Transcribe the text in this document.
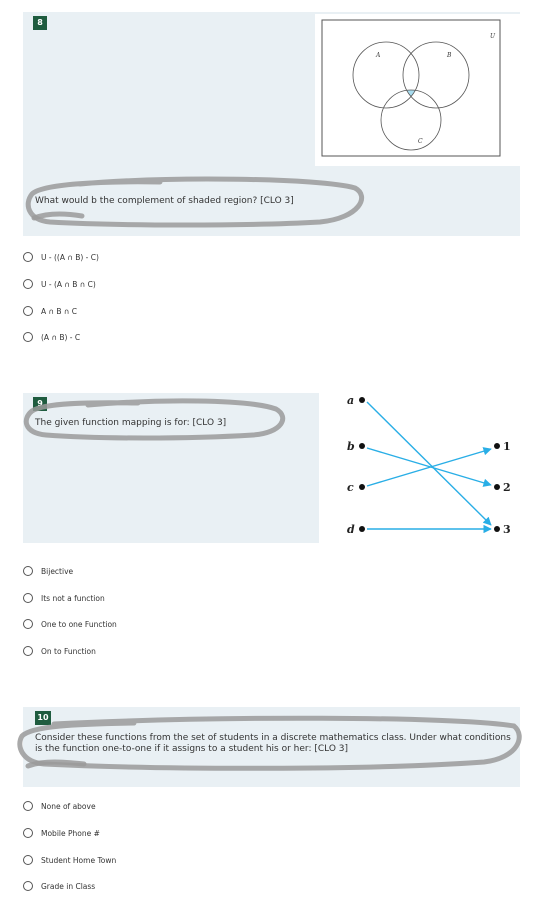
8
A	B
C
U
What would b the complement of shaded region? [CLO 3]
U - ((A ∩ B) - C)
U - (A ∩ B ∩ C)
A ∩ B ∩ C
(A ∩ B) - C
9
The given function mapping is for: [CLO 3]
a
b
c
d
1
2
3
Bijective
Its not a function
One to one Function
On to Function
10
Consider these functions from the set of students in a discrete mathematics class. Under what conditions is the function one-to-one if it assigns to a student his or her: [CLO 3]
None of above
Mobile Phone #
Student Home Town
Grade in Class
